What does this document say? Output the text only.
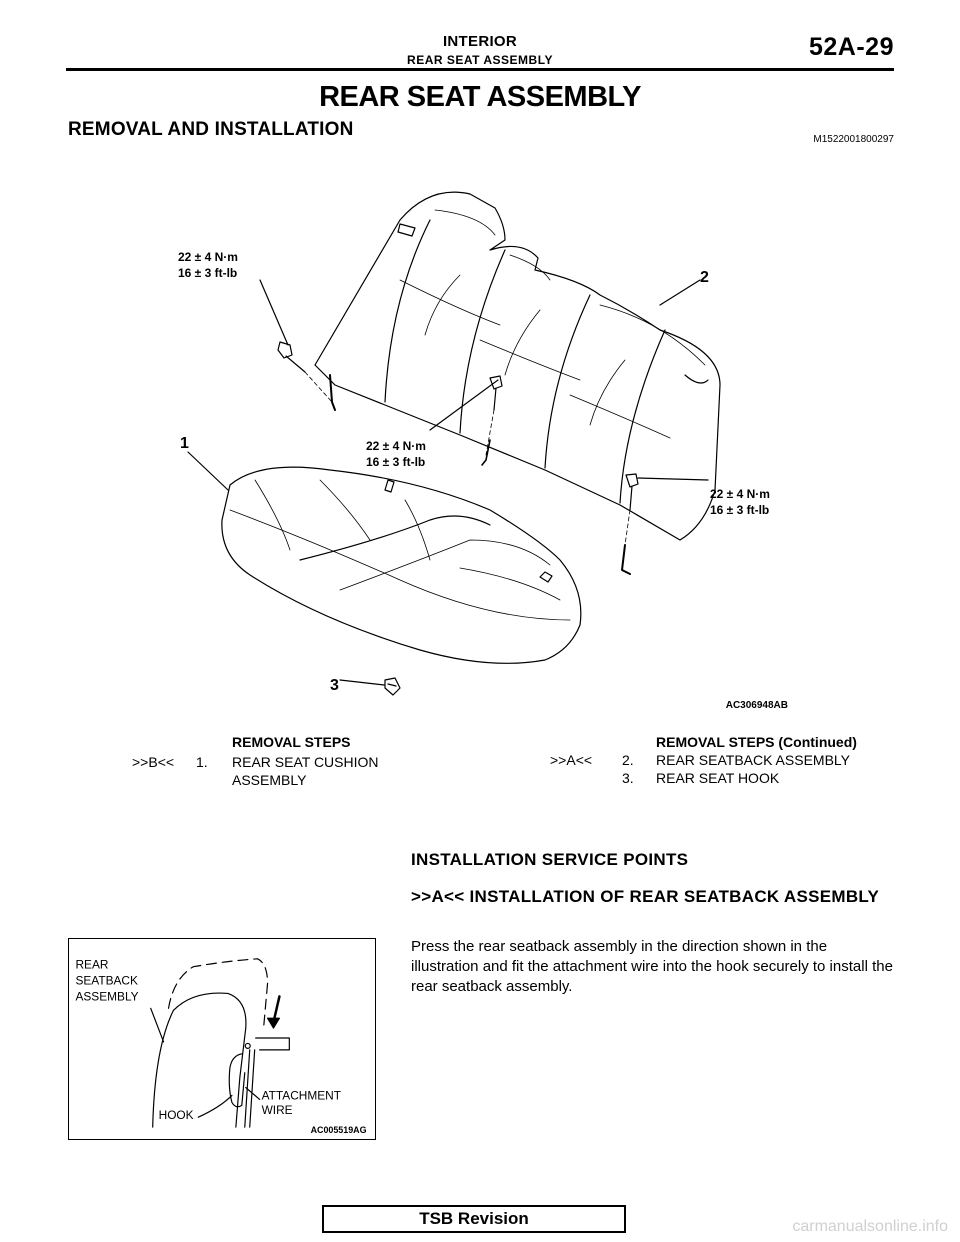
INTERIOR
REAR SEAT ASSEMBLY	52A-29
REAR SEAT ASSEMBLY
REMOVAL AND INSTALLATION	M1522001800297
1
2
3
22 ± 4 N·m
16 ± 3 ft-lb
22 ± 4 N·m
16 ± 3 ft-lb
22 ± 4 N·m
16 ± 3 ft-lb
AC306948AB
REMOVAL STEPS
>>B<< 1. REAR SEAT CUSHION ASSEMBLY
REMOVAL STEPS (Continued)
>>A<< 2. REAR SEATBACK ASSEMBLY
3. REAR SEAT HOOK
INSTALLATION SERVICE POINTS
>>A<< INSTALLATION OF REAR SEATBACK ASSEMBLY
Press the rear seatback assembly in the direction shown in the illustration and fit the attachment wire into the hook securely to install the rear seatback assembly.
REAR
SEATBACK
ASSEMBLY
HOOK
ATTACHMENT
WIRE
AC005519AG
TSB Revision	carmanualsonline.info
